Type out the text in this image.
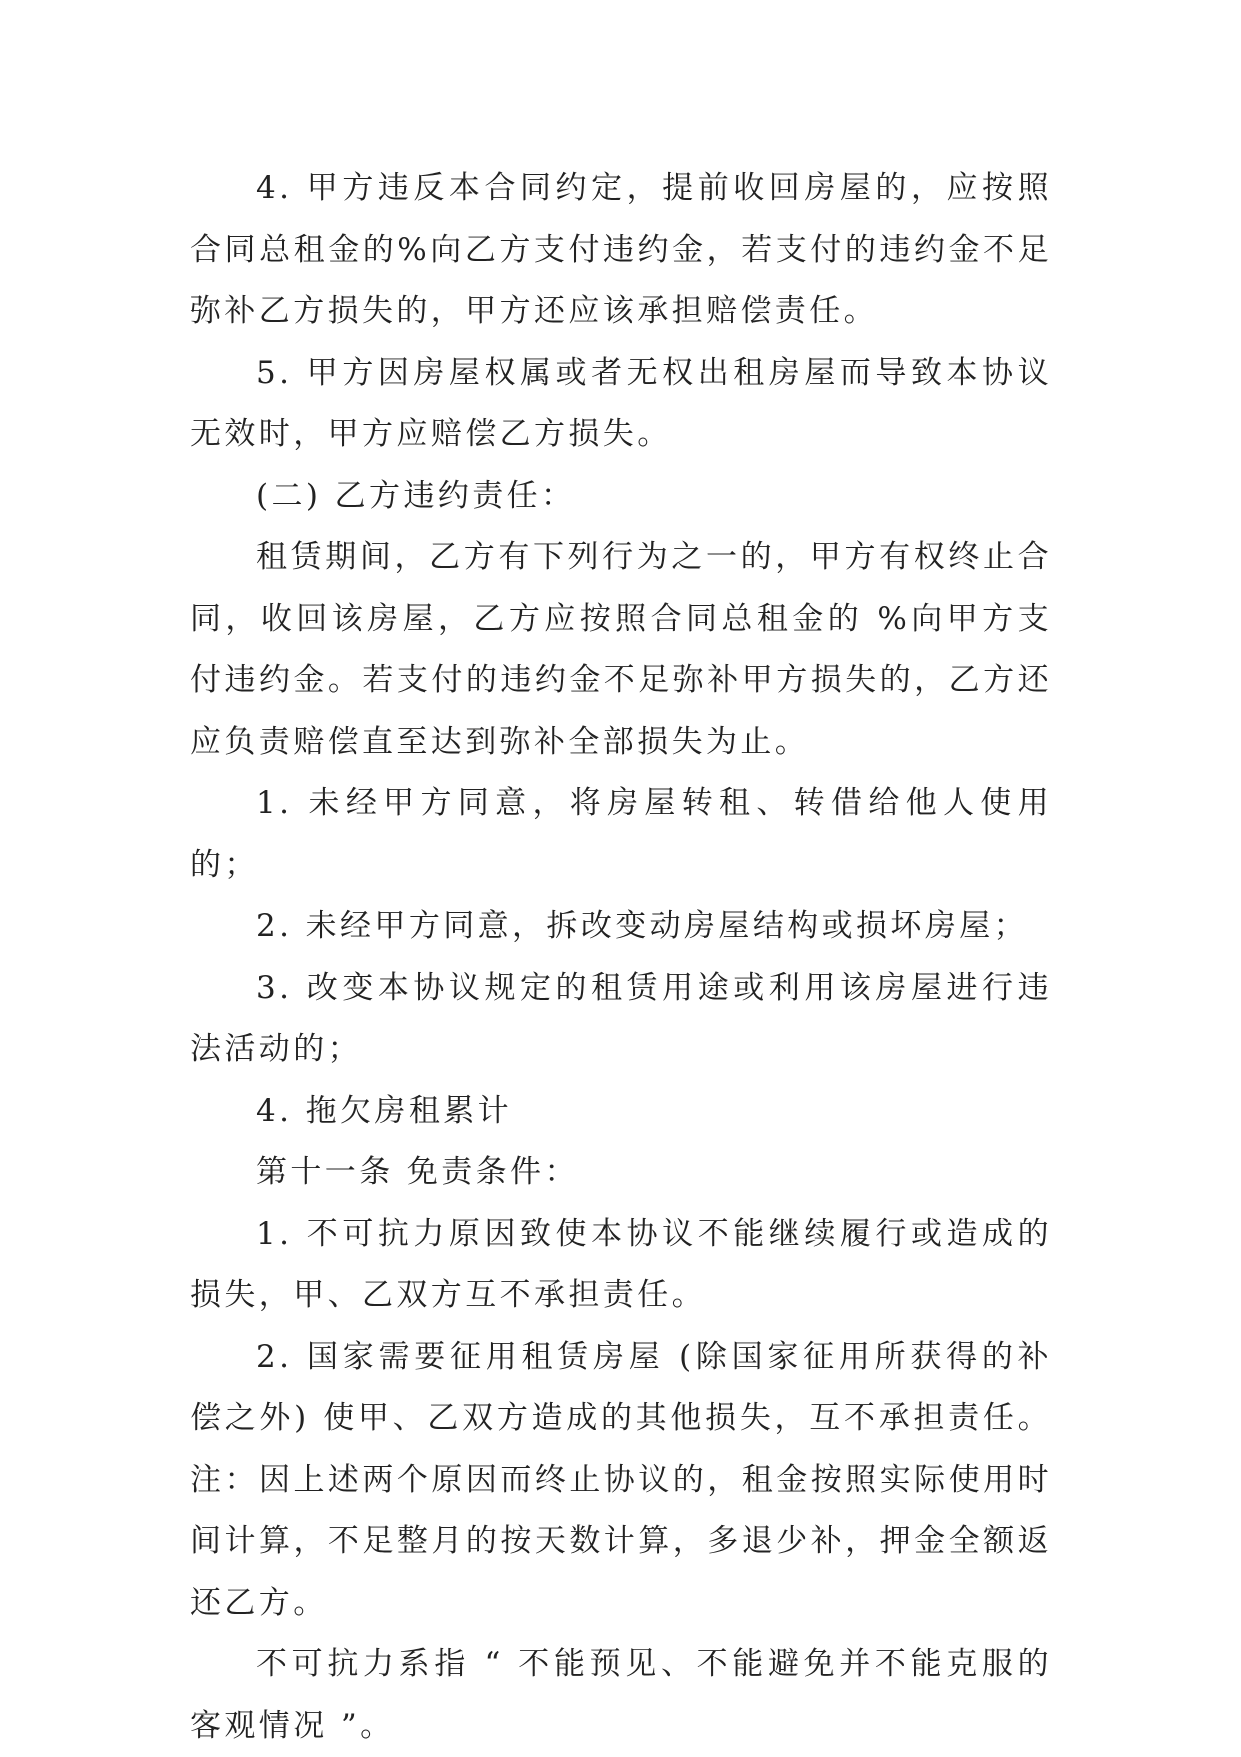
4. 甲方违反本合同约定，提前收回房屋的，应按照合同总租金的%向乙方支付违约金，若支付的违约金不足弥补乙方损失的，甲方还应该承担赔偿责任。

5. 甲方因房屋权属或者无权出租房屋而导致本协议无效时，甲方应赔偿乙方损失。

(二) 乙方违约责任：

租赁期间，乙方有下列行为之一的，甲方有权终止合同，收回该房屋，乙方应按照合同总租金的 %向甲方支付违约金。若支付的违约金不足弥补甲方损失的，乙方还应负责赔偿直至达到弥补全部损失为止。

1. 未经甲方同意，将房屋转租、转借给他人使用的；

2. 未经甲方同意，拆改变动房屋结构或损坏房屋；

3. 改变本协议规定的租赁用途或利用该房屋进行违法活动的；

4. 拖欠房租累计

第十一条 免责条件：

1. 不可抗力原因致使本协议不能继续履行或造成的损失，甲、乙双方互不承担责任。

2. 国家需要征用租赁房屋 (除国家征用所获得的补偿之外) 使甲、乙双方造成的其他损失，互不承担责任。注：因上述两个原因而终止协议的，租金按照实际使用时间计算，不足整月的按天数计算，多退少补，押金全额返还乙方。

不可抗力系指 “ 不能预见、不能避免并不能克服的客观情况 ”。
